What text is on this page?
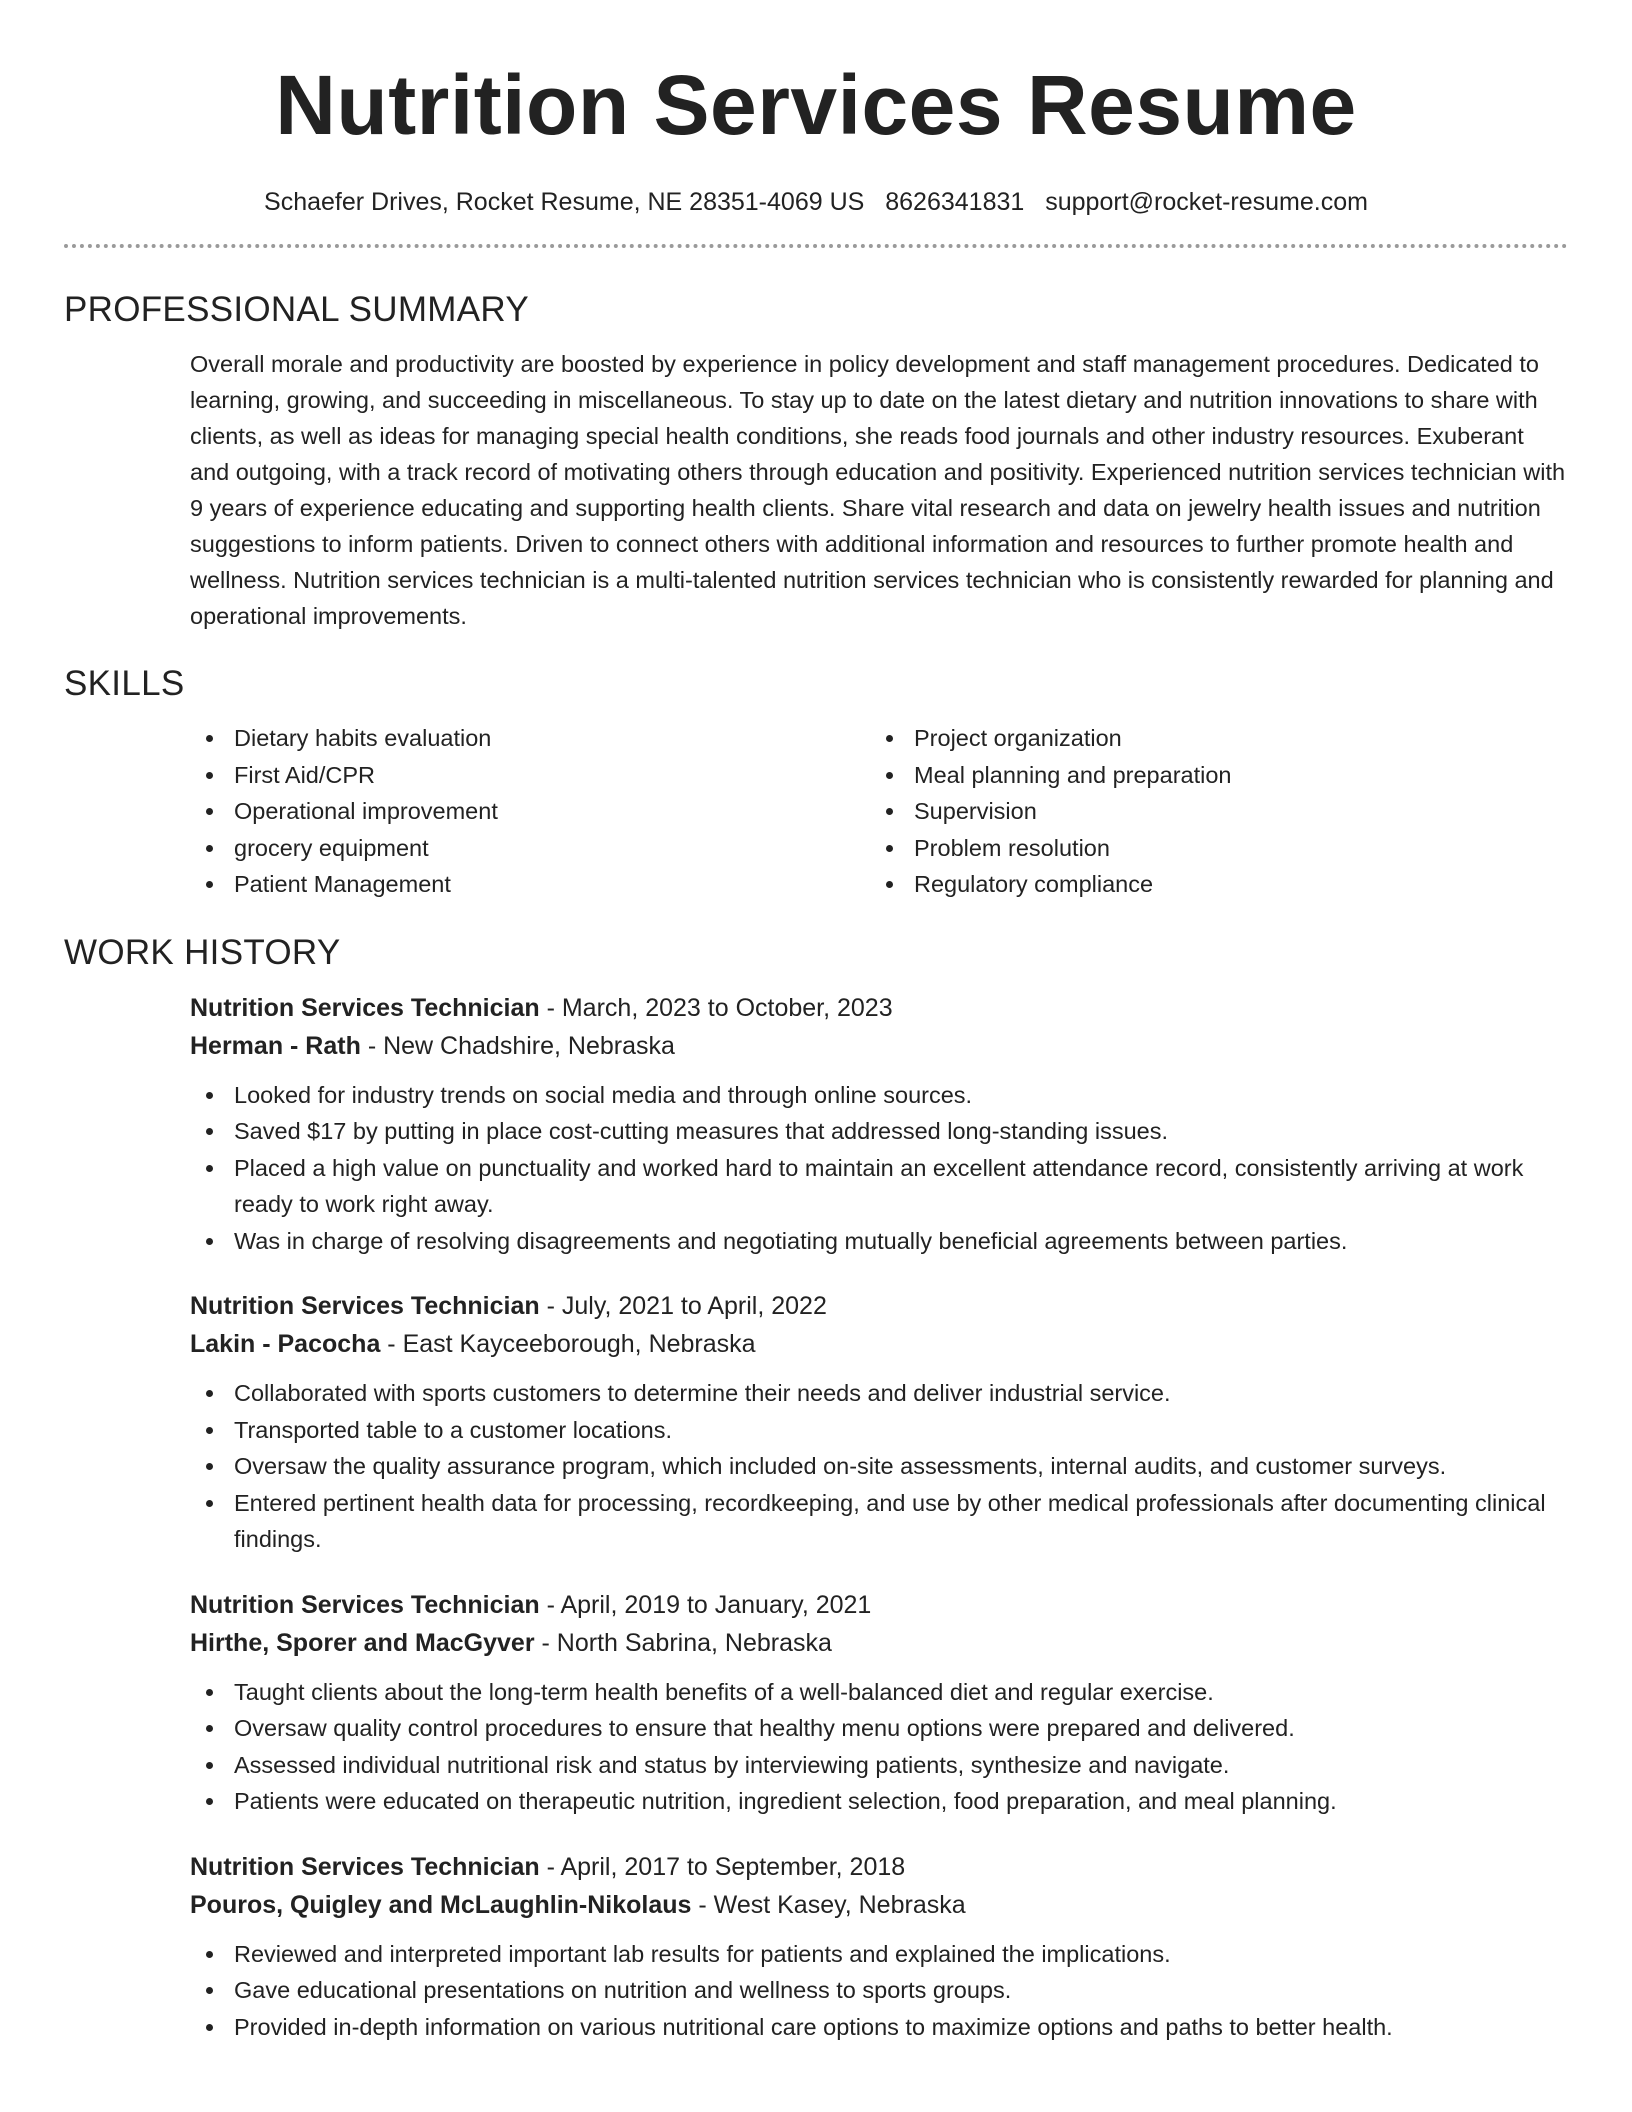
Nutrition Services Resume
Schaefer Drives, Rocket Resume, NE 28351-4069 US 8626341831 support@rocket-resume.com
PROFESSIONAL SUMMARY

Overall morale and productivity are boosted by experience in policy development and staff management procedures. Dedicated to learning, growing, and succeeding in miscellaneous. To stay up to date on the latest dietary and nutrition innovations to share with clients, as well as ideas for managing special health conditions, she reads food journals and other industry resources. Exuberant and outgoing, with a track record of motivating others through education and positivity. Experienced nutrition services technician with 9 years of experience educating and supporting health clients. Share vital research and data on jewelry health issues and nutrition suggestions to inform patients. Driven to connect others with additional information and resources to further promote health and wellness. Nutrition services technician is a multi-talented nutrition services technician who is consistently rewarded for planning and operational improvements.

SKILLS
Dietary habits evaluation
First Aid/CPR
Operational improvement
grocery equipment
Patient Management
Project organization
Meal planning and preparation
Supervision
Problem resolution
Regulatory compliance
WORK HISTORY
Nutrition Services Technician - March, 2023 to October, 2023
Herman - Rath - New Chadshire, Nebraska
Looked for industry trends on social media and through online sources.
Saved $17 by putting in place cost-cutting measures that addressed long-standing issues.
Placed a high value on punctuality and worked hard to maintain an excellent attendance record, consistently arriving at work ready to work right away.
Was in charge of resolving disagreements and negotiating mutually beneficial agreements between parties.
Nutrition Services Technician - July, 2021 to April, 2022
Lakin - Pacocha - East Kayceeborough, Nebraska
Collaborated with sports customers to determine their needs and deliver industrial service.
Transported table to a customer locations.
Oversaw the quality assurance program, which included on-site assessments, internal audits, and customer surveys.
Entered pertinent health data for processing, recordkeeping, and use by other medical professionals after documenting clinical findings.
Nutrition Services Technician - April, 2019 to January, 2021
Hirthe, Sporer and MacGyver - North Sabrina, Nebraska
Taught clients about the long-term health benefits of a well-balanced diet and regular exercise.
Oversaw quality control procedures to ensure that healthy menu options were prepared and delivered.
Assessed individual nutritional risk and status by interviewing patients, synthesize and navigate.
Patients were educated on therapeutic nutrition, ingredient selection, food preparation, and meal planning.
Nutrition Services Technician - April, 2017 to September, 2018
Pouros, Quigley and McLaughlin-Nikolaus - West Kasey, Nebraska
Reviewed and interpreted important lab results for patients and explained the implications.
Gave educational presentations on nutrition and wellness to sports groups.
Provided in-depth information on various nutritional care options to maximize options and paths to better health.
